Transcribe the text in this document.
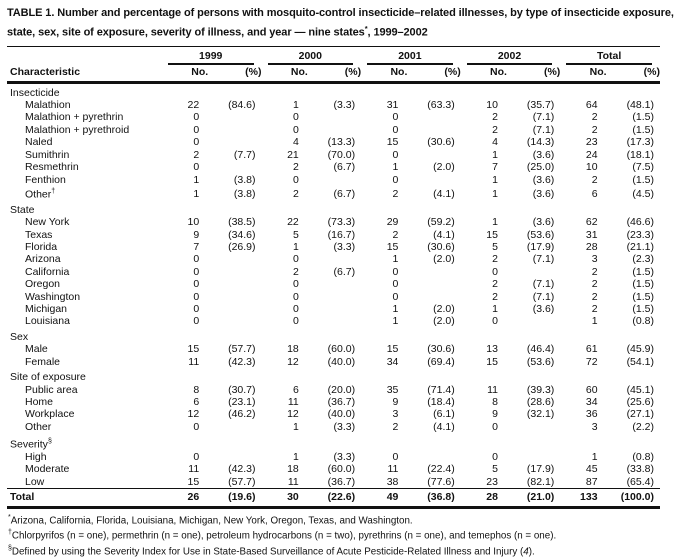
TABLE 1. Number and percentage of persons with mosquito-control insecticide–related illnesses, by type of insecticide exposure, state, sex, site of exposure, severity of illness, and year — nine states*, 1999–2002

	1999		2000		2001		2002		Total	

Characteristic	No.	(%)	No.	(%)	No.	(%)	No.	(%)	No.	(%)
Insecticide										
Malathion	22	(84.6)	1	(3.3)	31	(63.3)	10	(35.7)	64	(48.1)
Malathion + pyrethrin	0		0		0		2	(7.1)	2	(1.5)
Malathion + pyrethroid	0		0		0		2	(7.1)	2	(1.5)
Naled	0		4	(13.3)	15	(30.6)	4	(14.3)	23	(17.3)
Sumithrin	2	(7.7)	21	(70.0)	0		1	(3.6)	24	(18.1)
Resmethrin	0		2	(6.7)	1	(2.0)	7	(25.0)	10	(7.5)
Fenthion	1	(3.8)	0		0		1	(3.6)	2	(1.5)
Other†	1	(3.8)	2	(6.7)	2	(4.1)	1	(3.6)	6	(4.5)
State										
New York	10	(38.5)	22	(73.3)	29	(59.2)	1	(3.6)	62	(46.6)
Texas	9	(34.6)	5	(16.7)	2	(4.1)	15	(53.6)	31	(23.3)
Florida	7	(26.9)	1	(3.3)	15	(30.6)	5	(17.9)	28	(21.1)
Arizona	0		0		1	(2.0)	2	(7.1)	3	(2.3)
California	0		2	(6.7)	0		0		2	(1.5)
Oregon	0		0		0		2	(7.1)	2	(1.5)
Washington	0		0		0		2	(7.1)	2	(1.5)
Michigan	0		0		1	(2.0)	1	(3.6)	2	(1.5)
Louisiana	0		0		1	(2.0)	0		1	(0.8)
Sex										
Male	15	(57.7)	18	(60.0)	15	(30.6)	13	(46.4)	61	(45.9)
Female	11	(42.3)	12	(40.0)	34	(69.4)	15	(53.6)	72	(54.1)
Site of exposure										
Public area	8	(30.7)	6	(20.0)	35	(71.4)	11	(39.3)	60	(45.1)
Home	6	(23.1)	11	(36.7)	9	(18.4)	8	(28.6)	34	(25.6)
Workplace	12	(46.2)	12	(40.0)	3	(6.1)	9	(32.1)	36	(27.1)
Other	0		1	(3.3)	2	(4.1)	0		3	(2.2)
Severity§
High	0		1	(3.3)	0		0		1	(0.8)
Moderate	11	(42.3)	18	(60.0)	11	(22.4)	5	(17.9)	45	(33.8)
Low	15	(57.7)	11	(36.7)	38	(77.6)	23	(82.1)	87	(65.4)
Total	26	(19.6)	30	(22.6)	49	(36.8)	28	(21.0)	133	(100.0)
*Arizona, California, Florida, Louisiana, Michigan, New York, Oregon, Texas, and Washington.
†Chlorpyrifos (n = one), permethrin (n = one), petroleum hydrocarbons (n = two), pyrethrins (n = one), and temephos (n = one).
§Defined by using the Severity Index for Use in State-Based Surveillance of Acute Pesticide-Related Illness and Injury (4).
